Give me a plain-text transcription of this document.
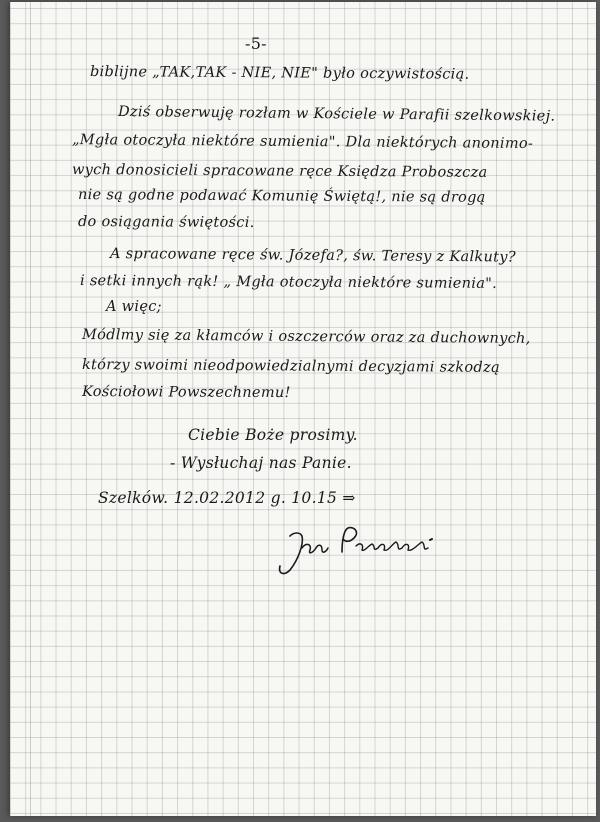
-5-
biblijne „TAK,TAK - NIE, NIE" było oczywistością.
Dziś obserwuję rozłam w Kościele w Parafii szelkowskiej.
„Mgła otoczyła niektóre sumienia". Dla niektórych anonimo-
wych donosicieli spracowane ręce Księdza Proboszcza
nie są godne podawać Komunię Świętą!, nie są drogą
do osiągania świętości.
A spracowane ręce św. Józefa?, św. Teresy z Kalkuty?
i setki innych rąk! „ Mgła otoczyła niektóre sumienia".
A więc;
Módlmy się za kłamców i oszczerców oraz za duchownych,
którzy swoimi nieodpowiedzialnymi decyzjami szkodzą
Kościołowi Powszechnemu!
Ciebie Boże prosimy.
- Wysłuchaj nas Panie.
Szelków. 12.02.2012 g. 10.15 ⇒
